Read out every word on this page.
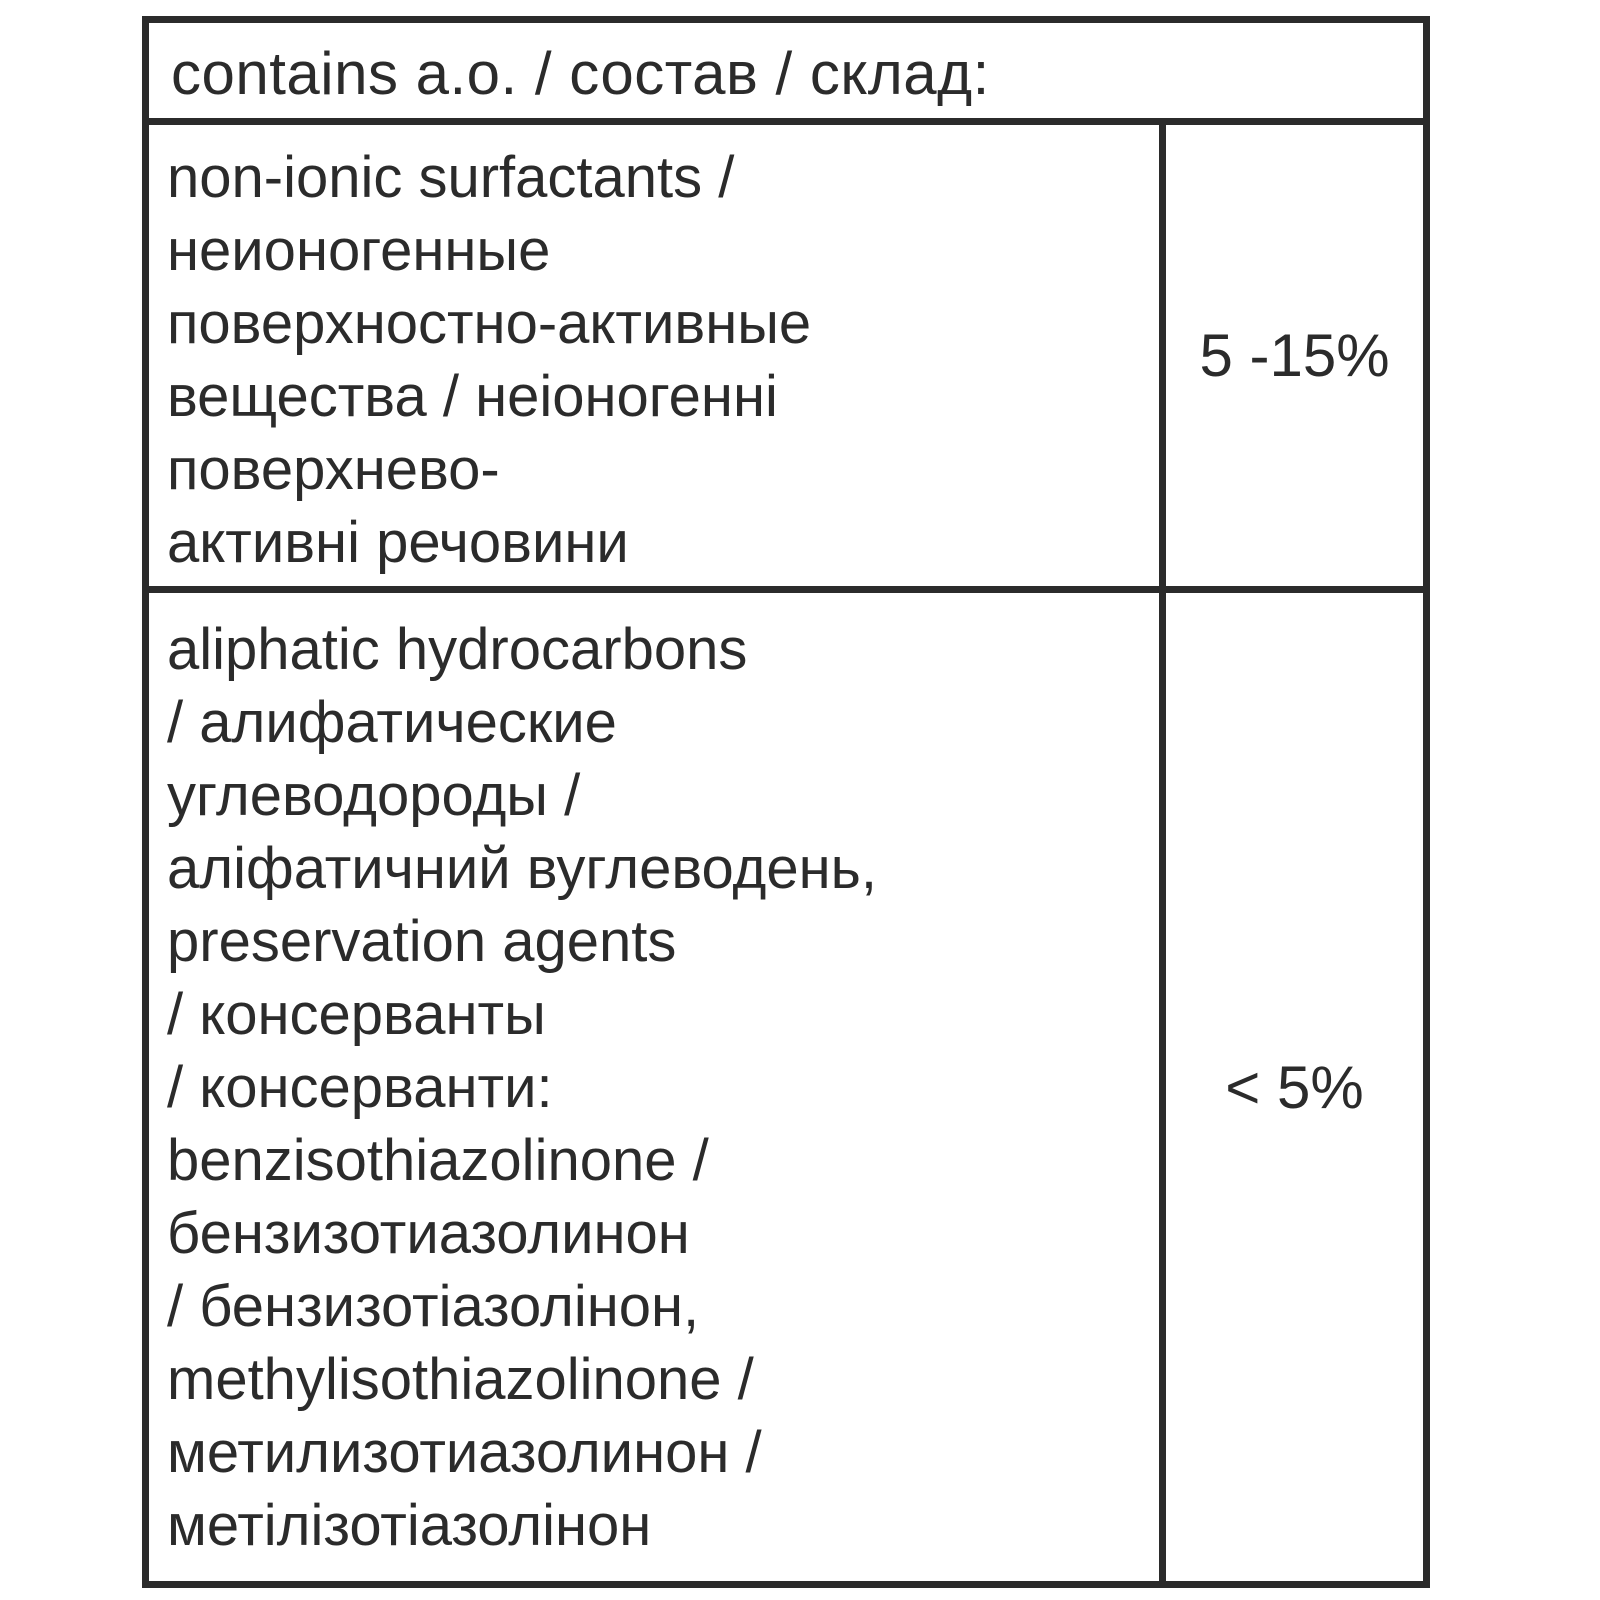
contains a.o. / состав / склад:
non-ionic surfactants /
неионогенные
поверхностно-активные
вещества / неіоногенні
поверхнево-
активні речовини
5 -15%
aliphatic hydrocarbons
/ алифатические
углеводороды /
аліфатичний вуглеводень,
preservation agents
/ консерванты
/ консерванти:
benzisothiazolinone /
бензизотиазолинон
/ бензизотіазолінон,
methylisothiazolinone /
метилизотиазолинон /
метілізотіазолінон
< 5%
